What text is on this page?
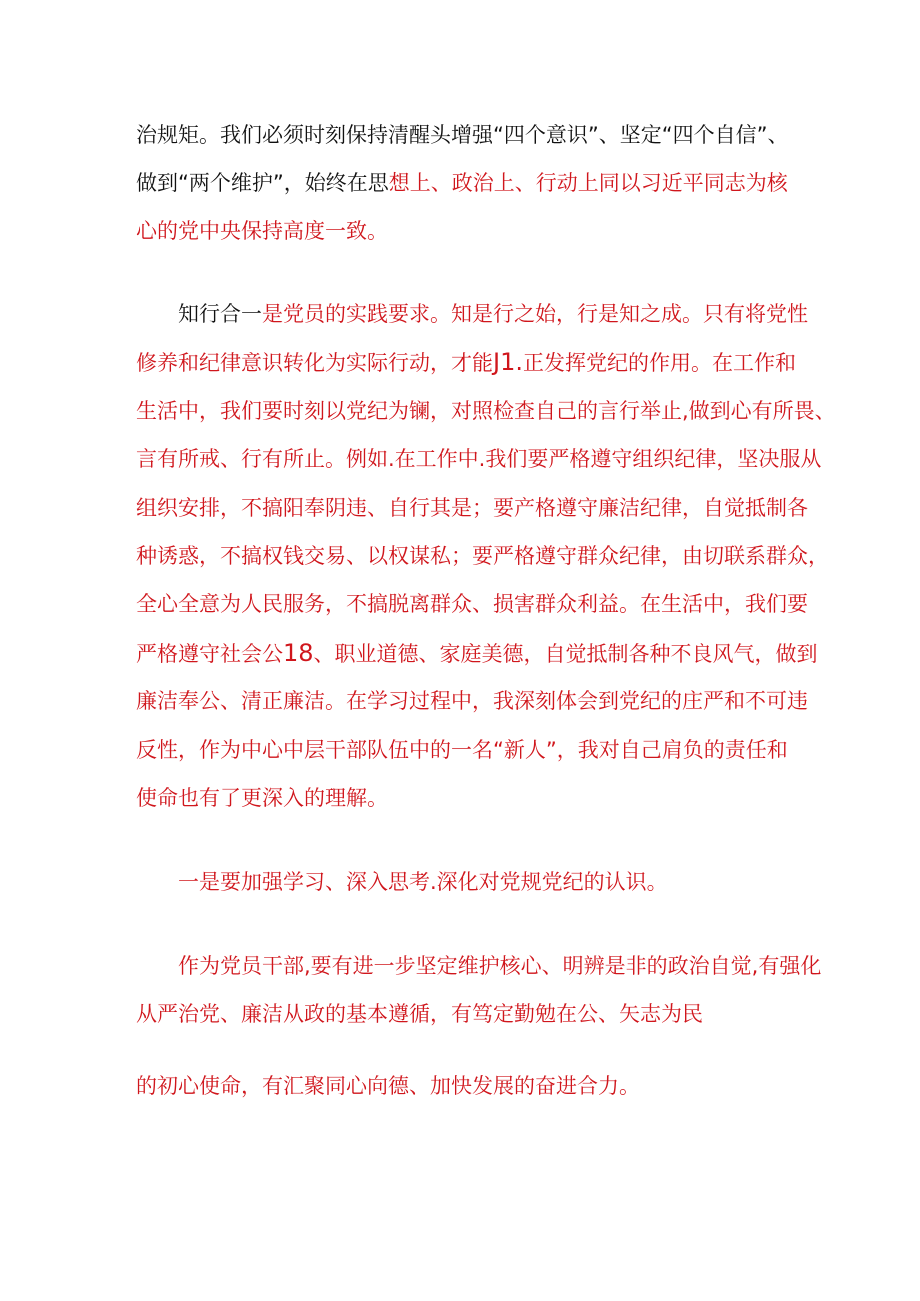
治规矩。我们必须时刻保持清醒头增强“四个意识”、坚定“四个自信”、
做到“两个维护”，始终在思想上、政治上、行动上同以习近平同志为核
心的党中央保持高度一致。
知行合一是党员的实践要求。知是行之始，行是知之成。只有将党性
修养和纪律意识转化为实际行动，才能J1.正发挥党纪的作用。在工作和
生活中，我们要时刻以党纪为镧，对照检查自己的言行举止,做到心有所畏、
言有所戒、行有所止。例如.在工作中.我们要严格遵守组织纪律，坚决服从
组织安排，不搞阳奉阴违、自行其是；要产格遵守廉洁纪律，自觉抵制各
种诱惑，不搞权钱交易、以权谋私；要严格遵守群众纪律，由切联系群众，
全心全意为人民服务，不搞脱离群众、损害群众利益。在生活中，我们要
严格遵守社会公18、职业道德、家庭美德，自觉抵制各种不良风气，做到
廉洁奉公、清正廉洁。在学习过程中，我深刻体会到党纪的庄严和不可违
反性，作为中心中层干部队伍中的一名“新人”，我对自己肩负的责任和
使命也有了更深入的理解。
一是要加强学习、深入思考.深化对党规党纪的认识。
作为党员干部,要有进一步坚定维护核心、明辨是非的政治自觉,有强化
从严治党、廉洁从政的基本遵循，有笃定勤勉在公、矢志为民
的初心使命，有汇聚同心向德、加快发展的奋进合力。
